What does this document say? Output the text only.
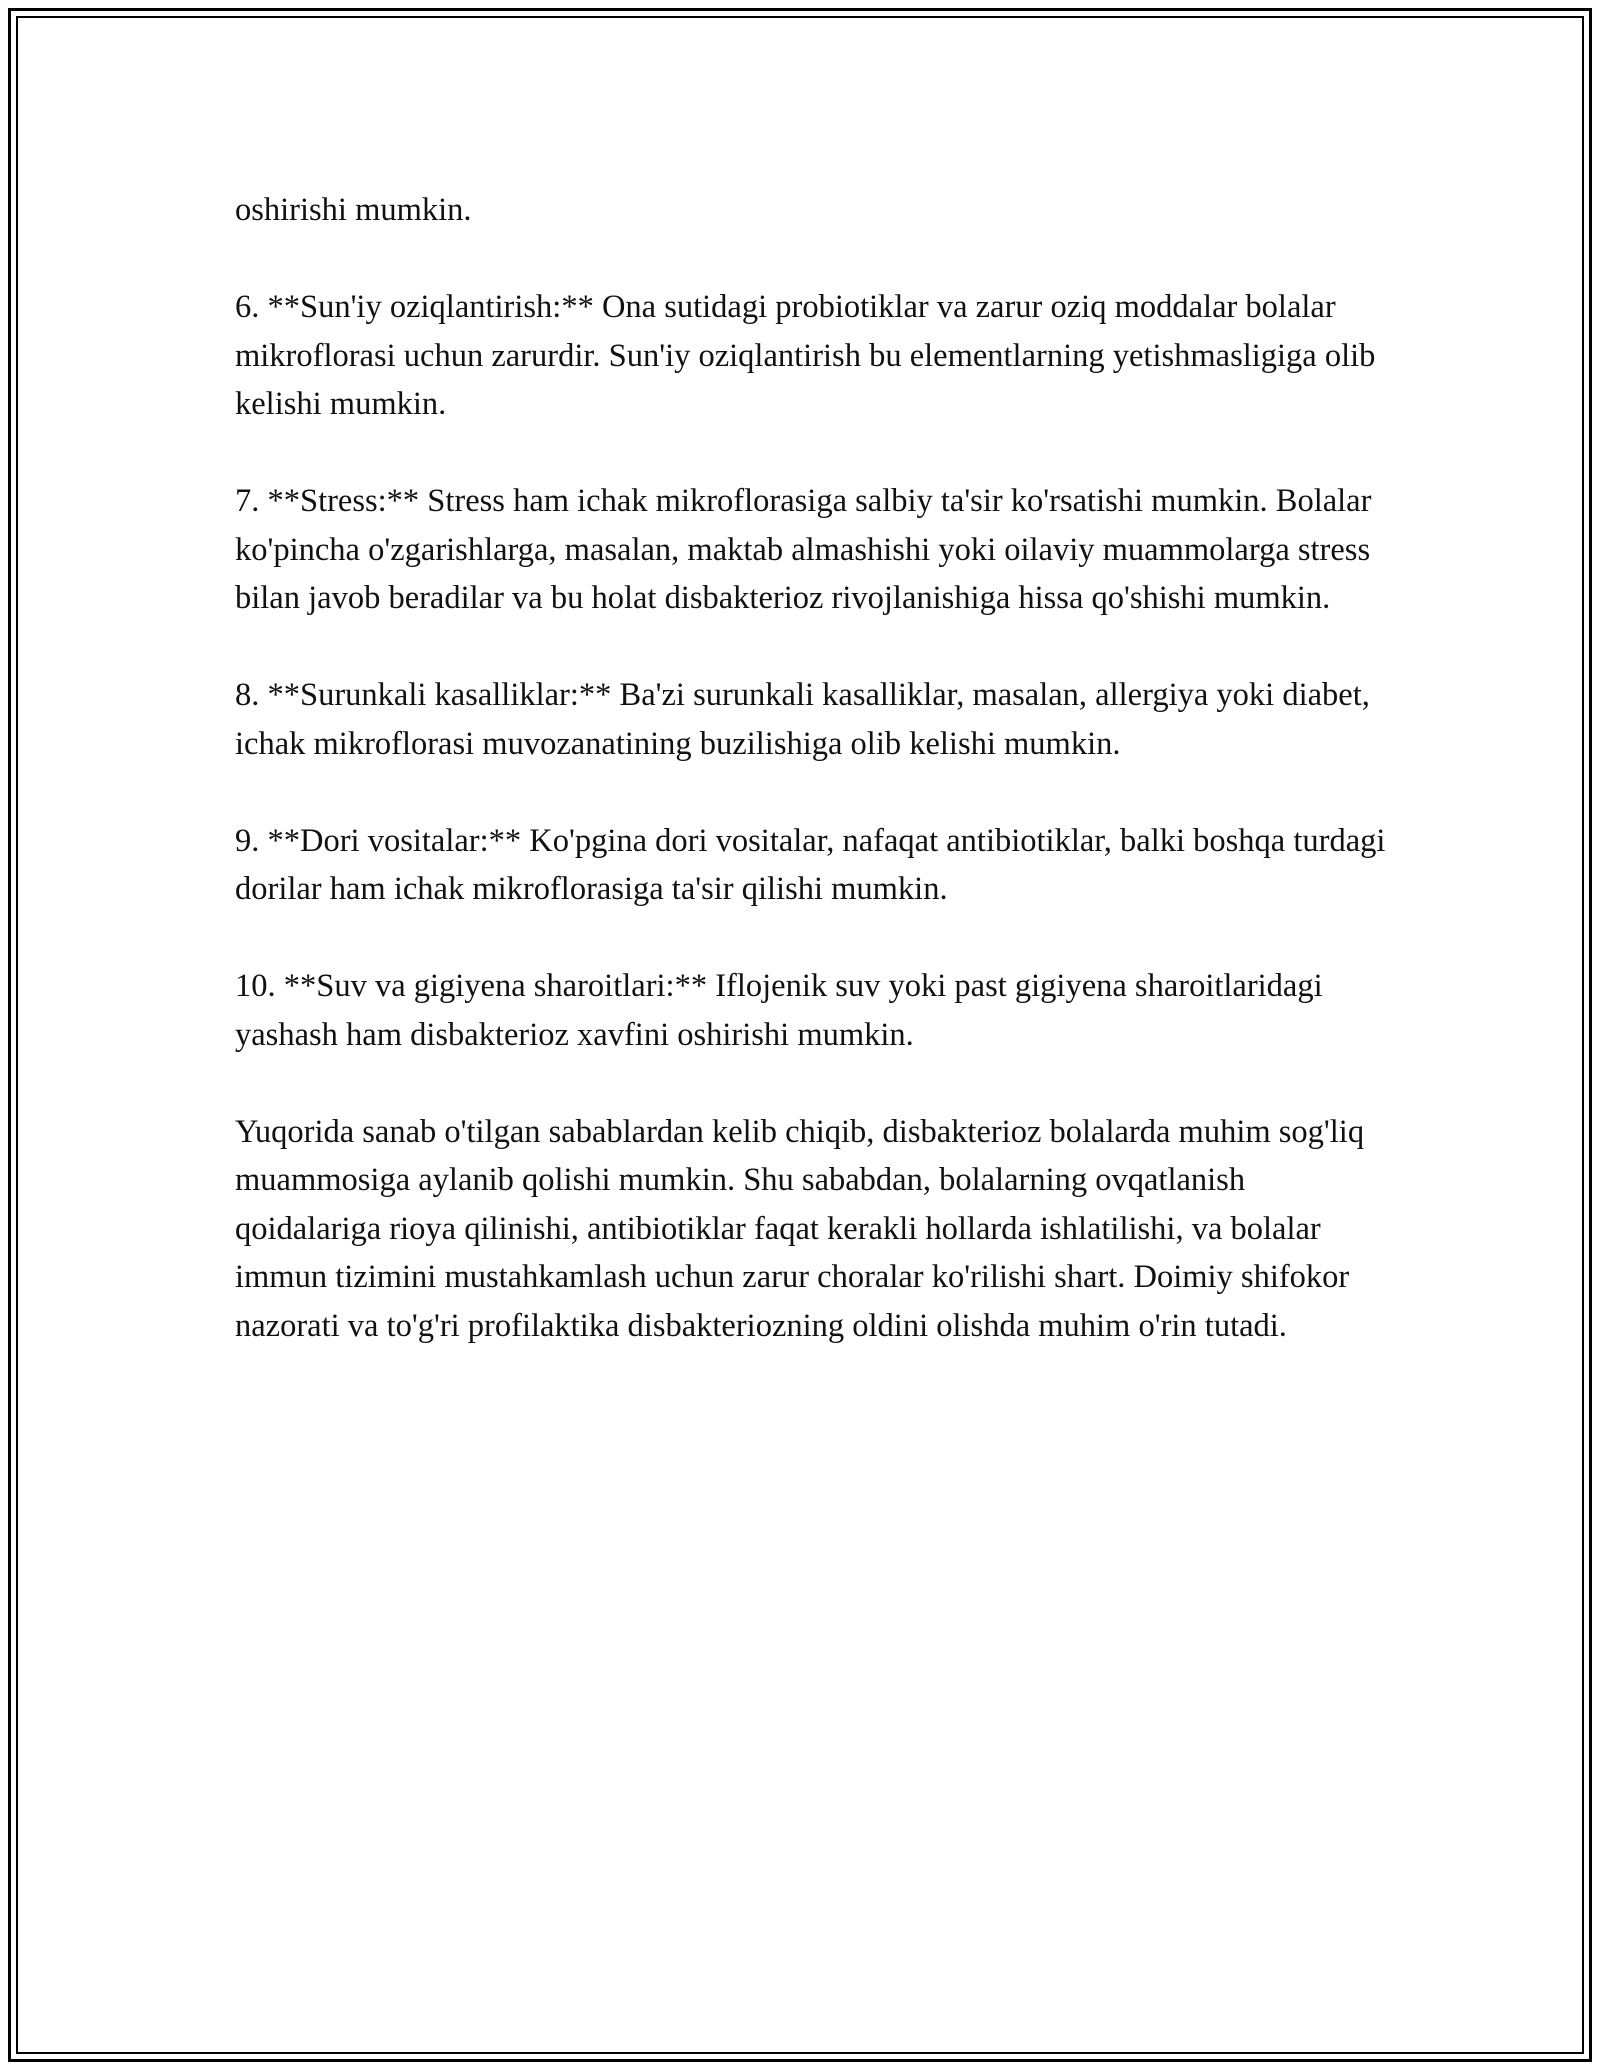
oshirishi mumkin.

6. **Sun'iy oziqlantirish:** Ona sutidagi probiotiklar va zarur oziq moddalar bolalar mikroflorasi uchun zarurdir. Sun'iy oziqlantirish bu elementlarning yetishmasligiga olib kelishi mumkin.

7. **Stress:** Stress ham ichak mikroflorasiga salbiy ta'sir ko'rsatishi mumkin. Bolalar ko'pincha o'zgarishlarga, masalan, maktab almashishi yoki oilaviy muammolarga stress bilan javob beradilar va bu holat disbakterioz rivojlanishiga hissa qo'shishi mumkin.

8. **Surunkali kasalliklar:** Ba'zi surunkali kasalliklar, masalan, allergiya yoki diabet, ichak mikroflorasi muvozanatining buzilishiga olib kelishi mumkin.

9. **Dori vositalar:** Ko'pgina dori vositalar, nafaqat antibiotiklar, balki boshqa turdagi dorilar ham ichak mikroflorasiga ta'sir qilishi mumkin.

10. **Suv va gigiyena sharoitlari:** Iflojenik suv yoki past gigiyena sharoitlaridagi yashash ham disbakterioz xavfini oshirishi mumkin.

Yuqorida sanab o'tilgan sabablardan kelib chiqib, disbakterioz bolalarda muhim sog'liq muammosiga aylanib qolishi mumkin. Shu sababdan, bolalarning ovqatlanish qoidalariga rioya qilinishi, antibiotiklar faqat kerakli hollarda ishlatilishi, va bolalar immun tizimini mustahkamlash uchun zarur choralar ko'rilishi shart. Doimiy shifokor nazorati va to'g'ri profilaktika disbakteriozning oldini olishda muhim o'rin tutadi.
